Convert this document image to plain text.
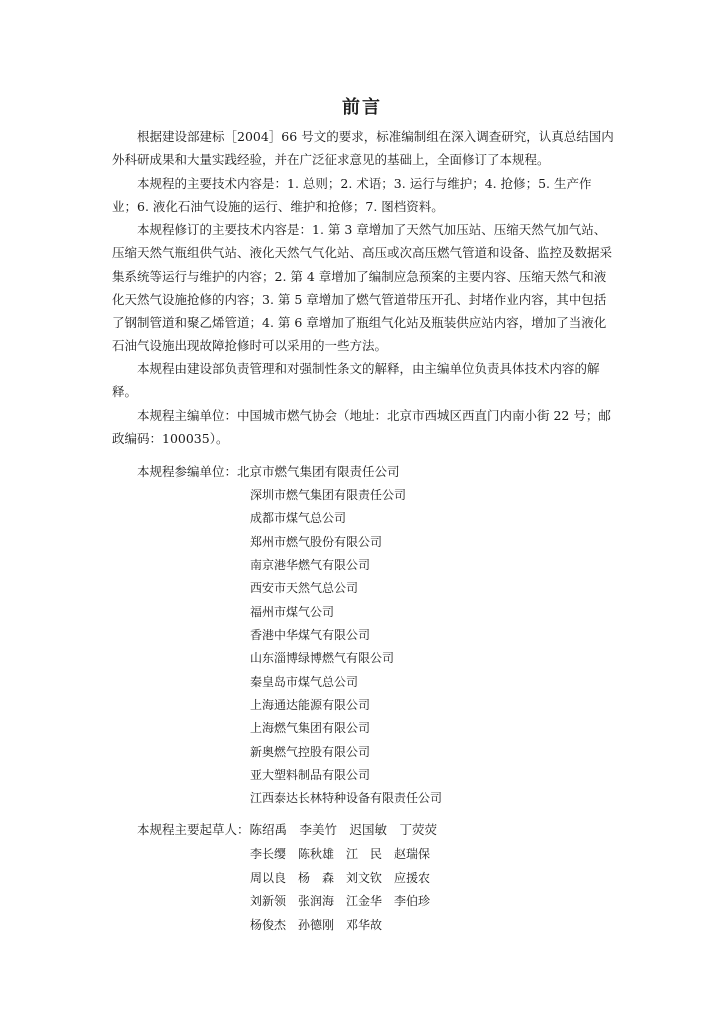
前言
根据建设部建标［2004］66 号文的要求，标准编制组在深入调查研究，认真总结国内
外科研成果和大量实践经验，并在广泛征求意见的基础上，全面修订了本规程。
本规程的主要技术内容是：1. 总则；2. 术语；3. 运行与维护；4. 抢修；5. 生产作
业；6. 液化石油气设施的运行、维护和抢修；7. 图档资料。
本规程修订的主要技术内容是：1. 第 3 章增加了天然气加压站、压缩天然气加气站、
压缩天然气瓶组供气站、液化天然气气化站、高压或次高压燃气管道和设备、监控及数据采
集系统等运行与维护的内容；2. 第 4 章增加了编制应急预案的主要内容、压缩天然气和液
化天然气设施抢修的内容；3. 第 5 章增加了燃气管道带压开孔、封堵作业内容，其中包括
了钢制管道和聚乙烯管道；4. 第 6 章增加了瓶组气化站及瓶装供应站内容，增加了当液化
石油气设施出现故障抢修时可以采用的一些方法。
本规程由建设部负责管理和对强制性条文的解释，由主编单位负责具体技术内容的解
释。
本规程主编单位：中国城市燃气协会（地址：北京市西城区西直门内南小街 22 号；邮
政编码：100035）。
本规程参编单位：北京市燃气集团有限责任公司
深圳市燃气集团有限责任公司
成都市煤气总公司
郑州市燃气股份有限公司
南京港华燃气有限公司
西安市天然气总公司
福州市煤气公司
香港中华煤气有限公司
山东淄博绿博燃气有限公司
秦皇岛市煤气总公司
上海通达能源有限公司
上海燃气集团有限公司
新奥燃气控股有限公司
亚大塑料制品有限公司
江西泰达长林特种设备有限责任公司
本规程主要起草人：陈绍禹　李美竹　迟国敏　丁荧荧
李长缨　陈秋雄　江　民　赵瑞保
周以良　杨　森　刘文钦　应援农
刘新领　张润海　江金华　李伯珍
杨俊杰　孙德刚　邓华故
